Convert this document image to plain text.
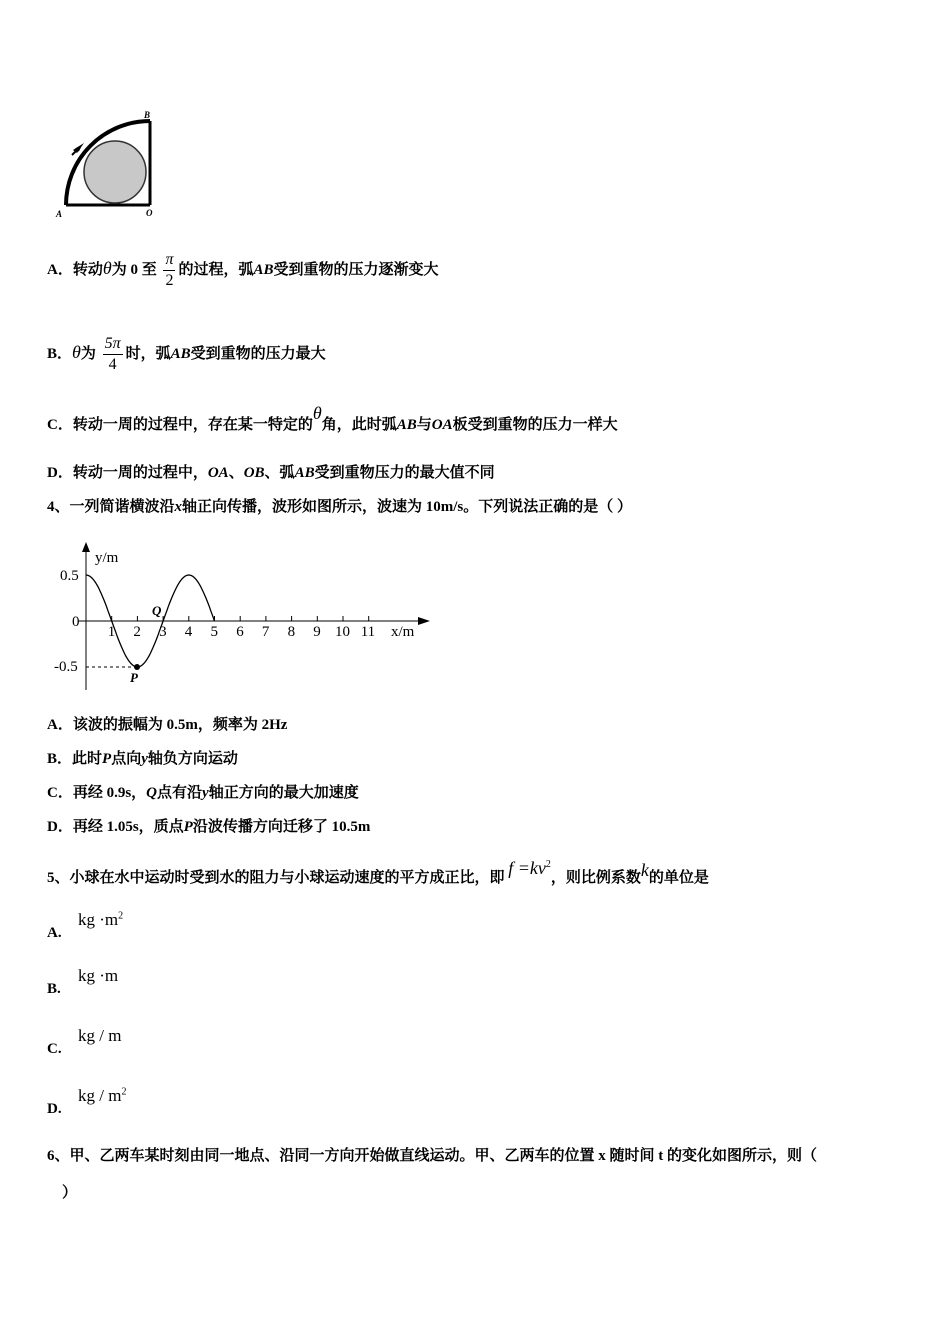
B
A	O
A．转动θ为 0 至 $\frac{\pi}{2}$ 的过程，弧AB受到重物的压力逐渐变大
B．θ为 $\frac{5\pi}{4}$ 时，弧AB受到重物的压力最大
C．转动一周的过程中，存在某一特定的θ角，此时弧AB与OA板受到重物的压力一样大
D．转动一周的过程中，OA、OB、弧AB受到重物压力的最大值不同
4、一列简谐横波沿x轴正向传播，波形如图所示，波速为 10m/s。下列说法正确的是（ ）
y/m
x/m
0.5
0
-0.5
1 2 3 4 5 6 7 8 9 10 11
P
Q
A．该波的振幅为 0.5m，频率为 2Hz
B．此时P点向y轴负方向运动
C．再经 0.9s，Q点有沿y轴正方向的最大加速度
D．再经 1.05s，质点P沿波传播方向迁移了 10.5m
5、小球在水中运动时受到水的阻力与小球运动速度的平方成正比，即 $f =kv^2$，则比例系数k的单位是
$A.kg \cdot m^2$
B.kg ·m
C.kg / m
$D.kg / m^2$
6、甲、乙两车某时刻由同一地点、沿同一方向开始做直线运动。甲、乙两车的位置 x 随时间 t 的变化如图所示，则（
）
